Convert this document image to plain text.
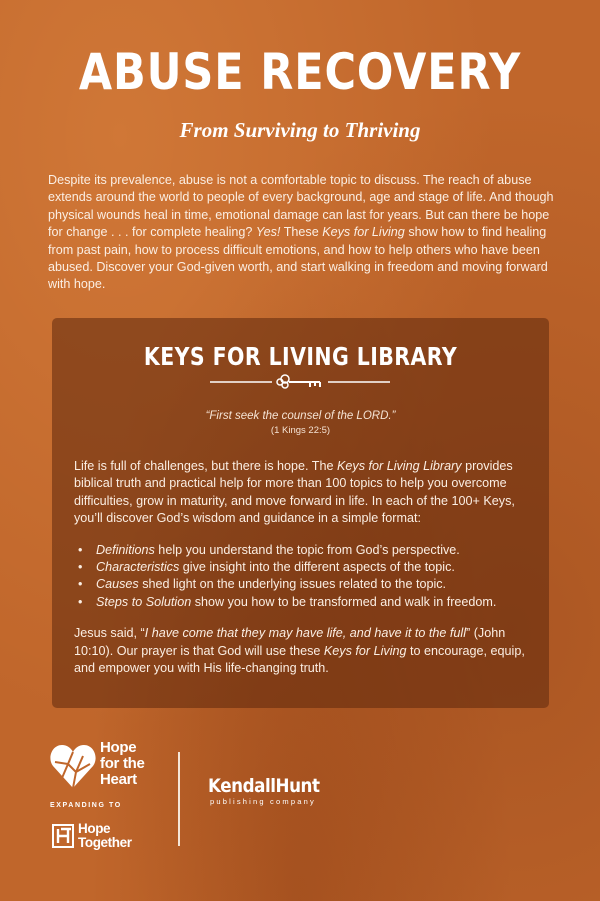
ABUSE RECOVERY
From Surviving to Thriving

Despite its prevalence, abuse is not a comfortable topic to discuss. The reach of abuse extends around the world to people of every background, age and stage of life. And though physical wounds heal in time, emotional damage can last for years. But can there be hope for change . . . for complete healing? Yes! These Keys for Living show how to find healing from past pain, how to process difficult emotions, and how to help others who have been abused. Discover your God-given worth, and start walking in freedom and moving forward with hope.

KEYS FOR LIVING LIBRARY
“First seek the counsel of the LORD.”
(1 Kings 22:5)

Life is full of challenges, but there is hope. The Keys for Living Library provides biblical truth and practical help for more than 100 topics to help you overcome difficulties, grow in maturity, and move forward in life. In each of the 100+ Keys, you’ll discover God’s wisdom and guidance in a simple format:

• Definitions help you understand the topic from God’s perspective.
• Characteristics give insight into the different aspects of the topic.
• Causes shed light on the underlying issues related to the topic.
• Steps to Solution show you how to be transformed and walk in freedom.

Jesus said, “I have come that they may have life, and have it to the full” (John 10:10). Our prayer is that God will use these Keys for Living to encourage, equip, and empower you with His life-changing truth.

Hope
for the
Heart
EXPANDING TO
Hope
Together
KendallHunt
publishing company
